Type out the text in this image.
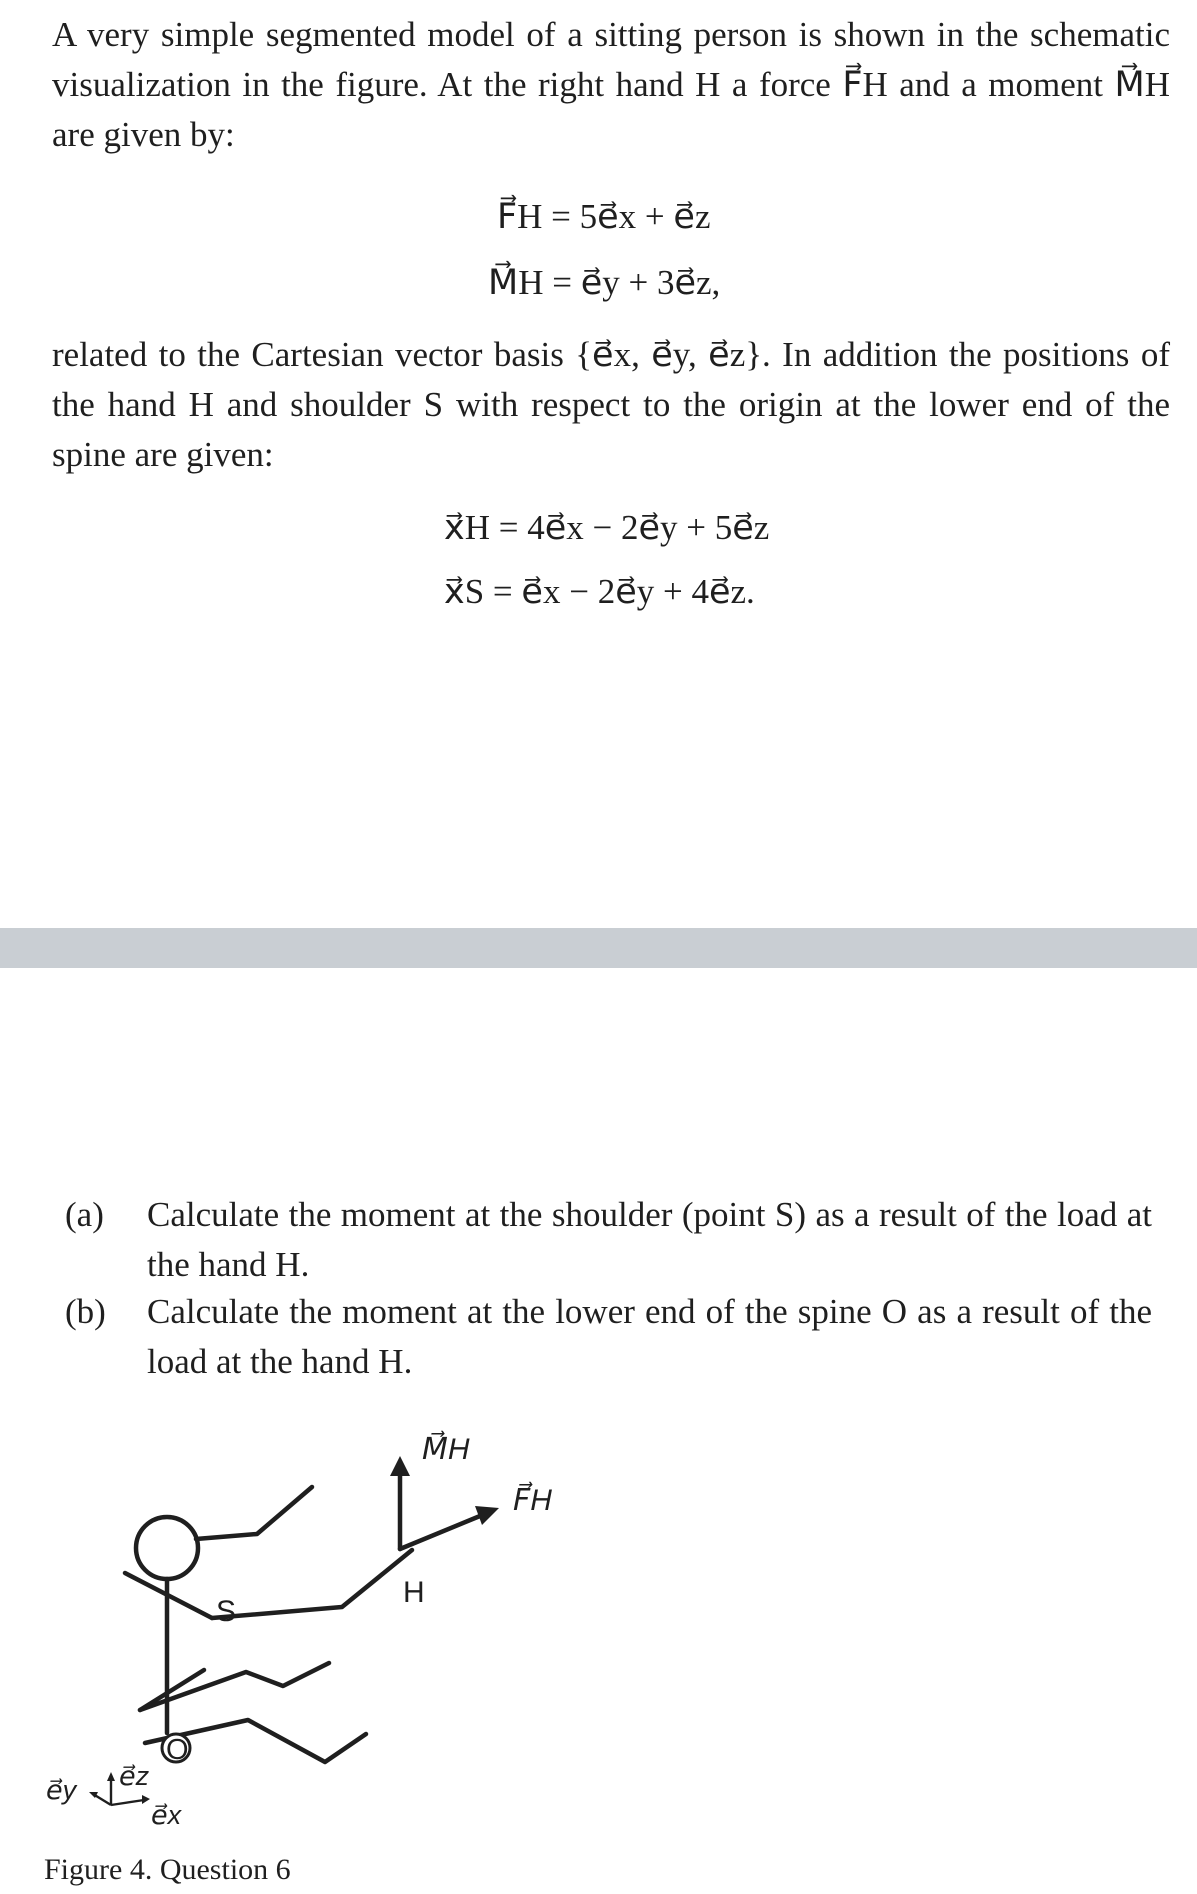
A very simple segmented model of a sitting person is shown in the schematic visualization in the figure. At the right hand H a force F⃗H and a moment M⃗H are given by:
F⃗H = 5e⃗x + e⃗z
M⃗H = e⃗y + 3e⃗z,
related to the Cartesian vector basis {e⃗x, e⃗y, e⃗z}. In addition the positions of the hand H and shoulder S with respect to the origin at the lower end of the spine are given:
x⃗H = 4e⃗x − 2e⃗y + 5e⃗z
x⃗S = e⃗x − 2e⃗y + 4e⃗z.
(a) Calculate the moment at the shoulder (point S) as a result of the load at the hand H.
(b) Calculate the moment at the lower end of the spine O as a result of the load at the hand H.
M⃗H
F⃗H
H
S
O
e⃗y e⃗z
e⃗x
Figure 4. Question 6
